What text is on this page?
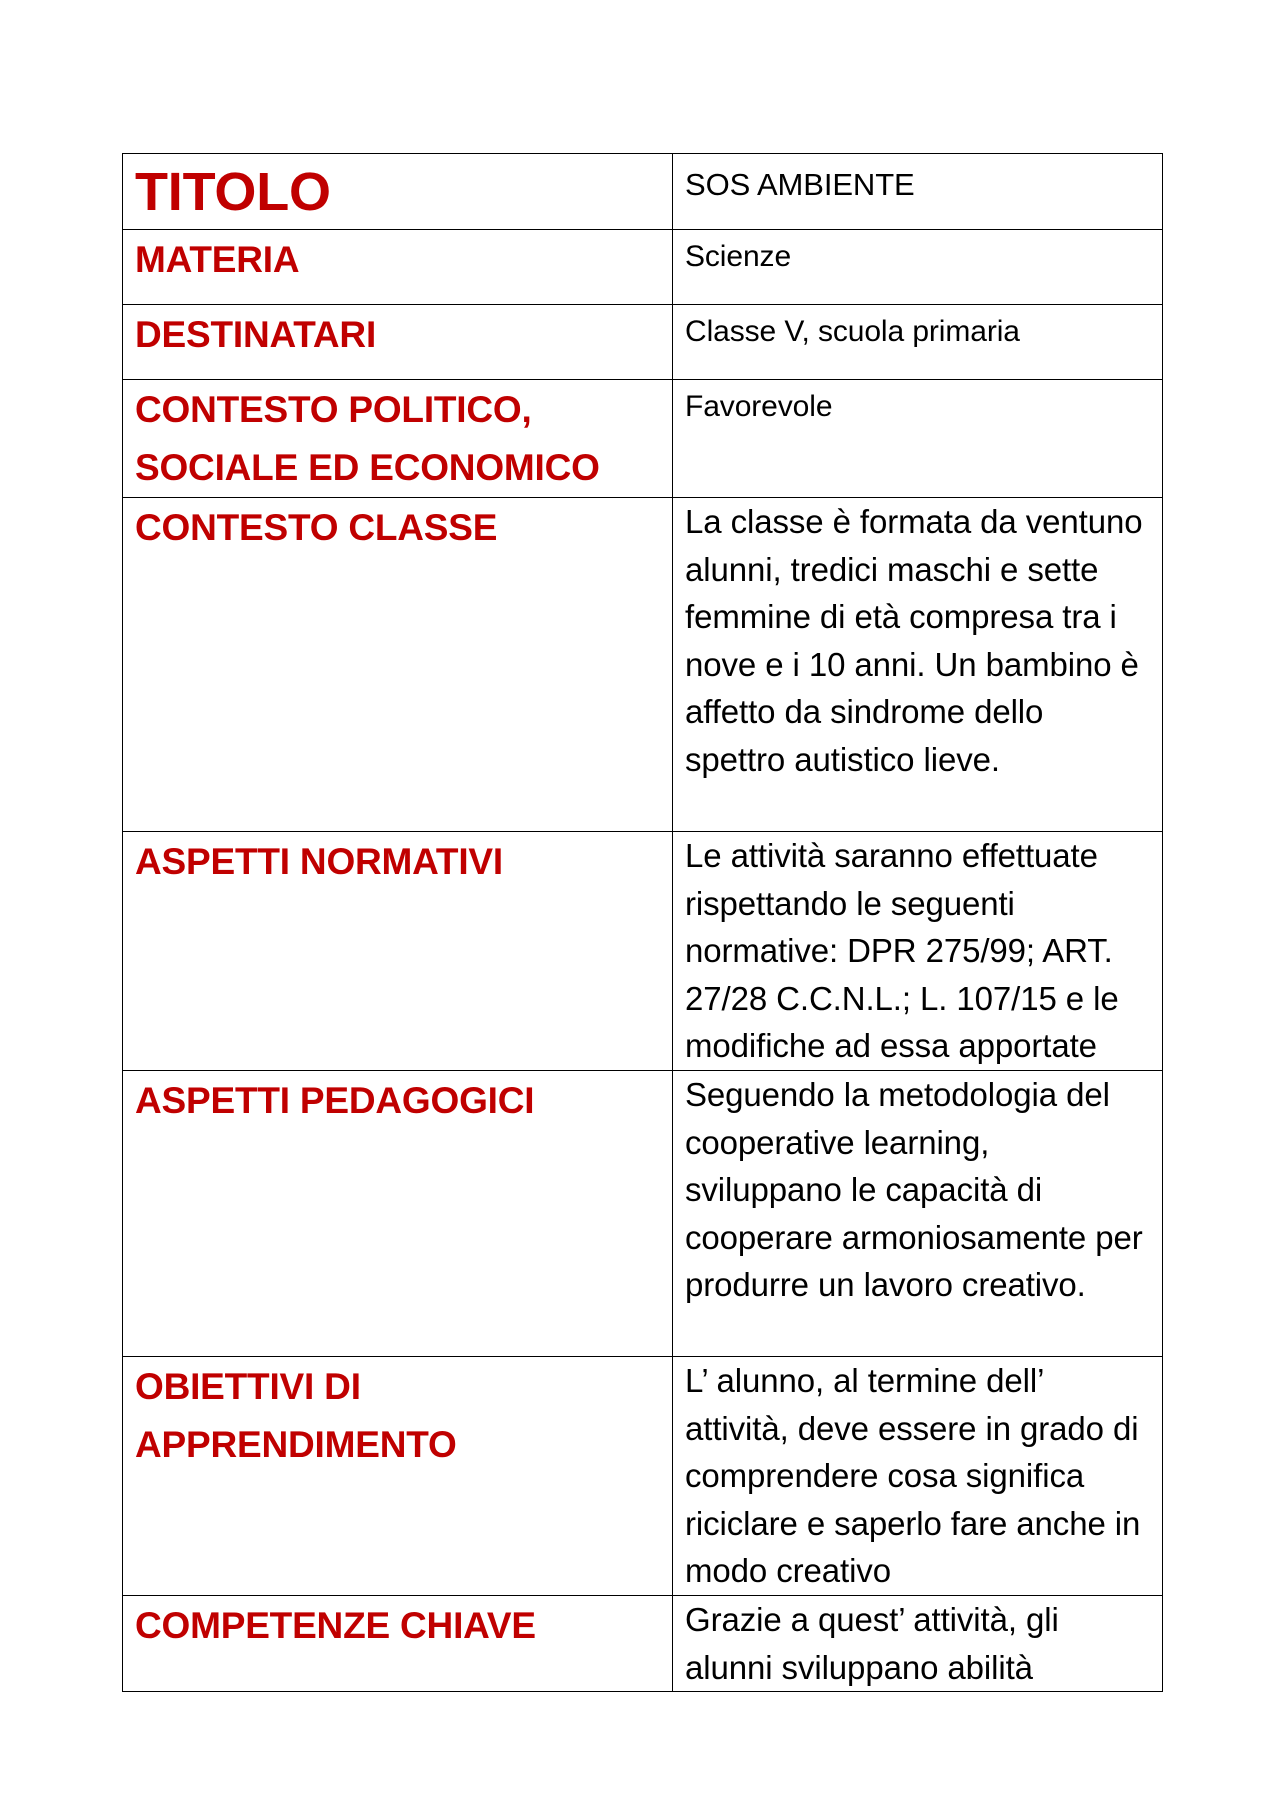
TITOLO	SOS AMBIENTE

MATERIA	Scienze

DESTINATARI	Classe V, scuola primaria

CONTESTO POLITICO, SOCIALE ED ECONOMICO	Favorevole

CONTESTO CLASSE	La classe è formata da ventuno alunni, tredici maschi e sette femmine di età compresa tra i nove e i 10 anni. Un bambino è affetto da sindrome dello spettro autistico lieve.

ASPETTI NORMATIVI	Le attività saranno effettuate rispettando le seguenti normative: DPR 275/99; ART. 27/28 C.C.N.L.; L. 107/15 e le modifiche ad essa apportate

ASPETTI PEDAGOGICI	Seguendo la metodologia del cooperative learning, sviluppano le capacità di cooperare armoniosamente per produrre un lavoro creativo.

OBIETTIVI DI APPRENDIMENTO	L’ alunno, al termine dell’ attività, deve essere in grado di comprendere cosa significa riciclare e saperlo fare anche in modo creativo

COMPETENZE CHIAVE	Grazie a quest’ attività, gli alunni sviluppano abilità
